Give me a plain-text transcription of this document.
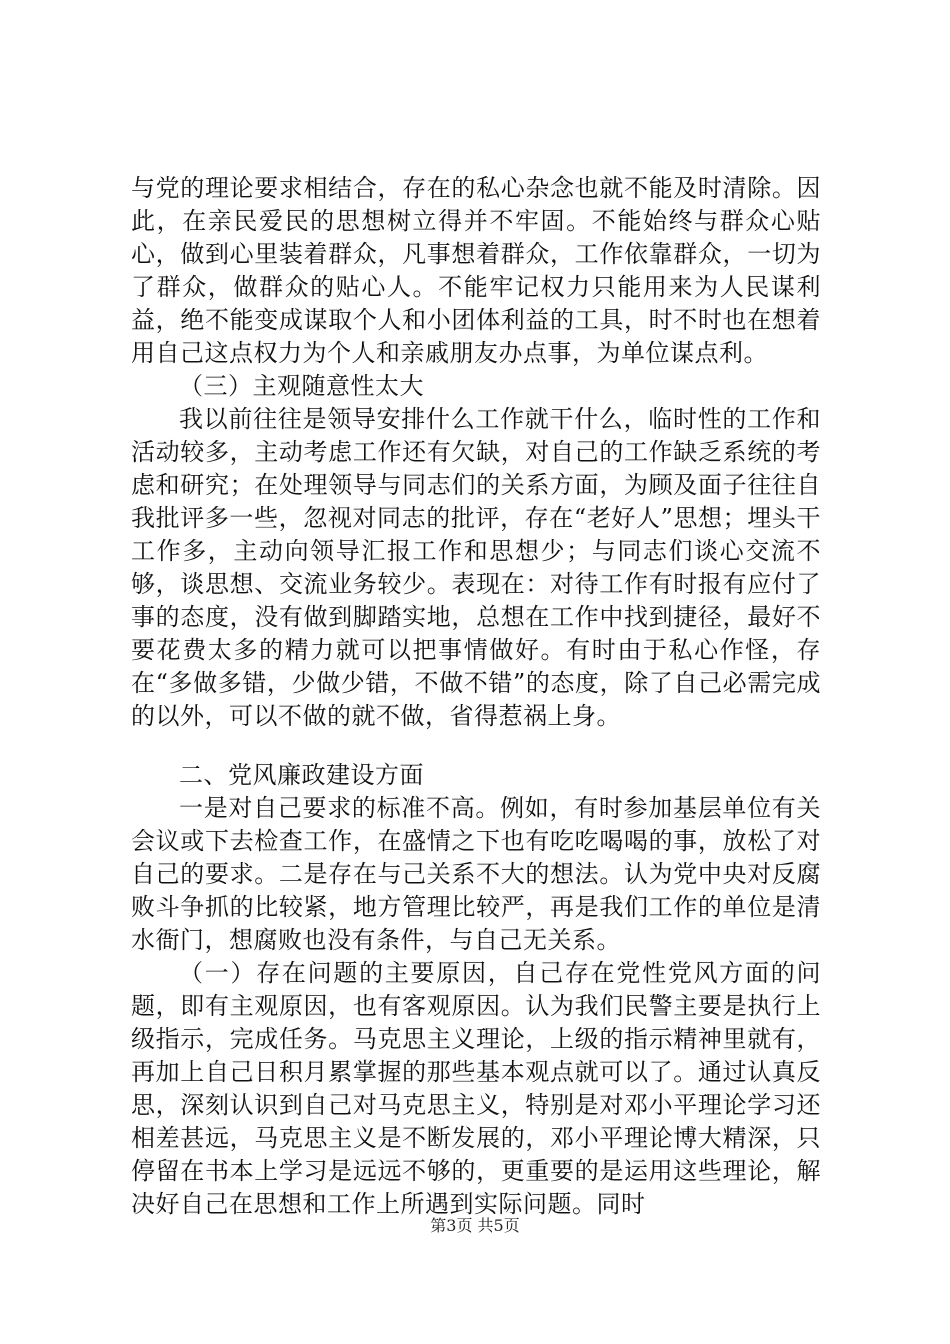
与党的理论要求相结合，存在的私心杂念也就不能及时清除。因此，在亲民爱民的思想树立得并不牢固。不能始终与群众心贴心，做到心里装着群众，凡事想着群众，工作依靠群众，一切为了群众，做群众的贴心人。不能牢记权力只能用来为人民谋利益，绝不能变成谋取个人和小团体利益的工具，时不时也在想着用自己这点权力为个人和亲戚朋友办点事，为单位谋点利。

（三）主观随意性太大

我以前往往是领导安排什么工作就干什么，临时性的工作和活动较多，主动考虑工作还有欠缺，对自己的工作缺乏系统的考虑和研究；在处理领导与同志们的关系方面，为顾及面子往往自我批评多一些，忽视对同志的批评，存在“老好人”思想；埋头干工作多，主动向领导汇报工作和思想少；与同志们谈心交流不够，谈思想、交流业务较少。表现在：对待工作有时报有应付了事的态度，没有做到脚踏实地，总想在工作中找到捷径，最好不要花费太多的精力就可以把事情做好。有时由于私心作怪，存在“多做多错，少做少错，不做不错”的态度，除了自己必需完成的以外，可以不做的就不做，省得惹祸上身。

二、党风廉政建设方面

一是对自己要求的标准不高。例如，有时参加基层单位有关会议或下去检查工作，在盛情之下也有吃吃喝喝的事，放松了对自己的要求。二是存在与己关系不大的想法。认为党中央对反腐败斗争抓的比较紧，地方管理比较严，再是我们工作的单位是清水衙门，想腐败也没有条件，与自己无关系。

（一）存在问题的主要原因，自己存在党性党风方面的问题，即有主观原因，也有客观原因。认为我们民警主要是执行上级指示，完成任务。马克思主义理论，上级的指示精神里就有，再加上自己日积月累掌握的那些基本观点就可以了。通过认真反思，深刻认识到自己对马克思主义，特别是对邓小平理论学习还相差甚远，马克思主义是不断发展的，邓小平理论博大精深，只停留在书本上学习是远远不够的，更重要的是运用这些理论，解决好自己在思想和工作上所遇到实际问题。同时

第3页 共5页
